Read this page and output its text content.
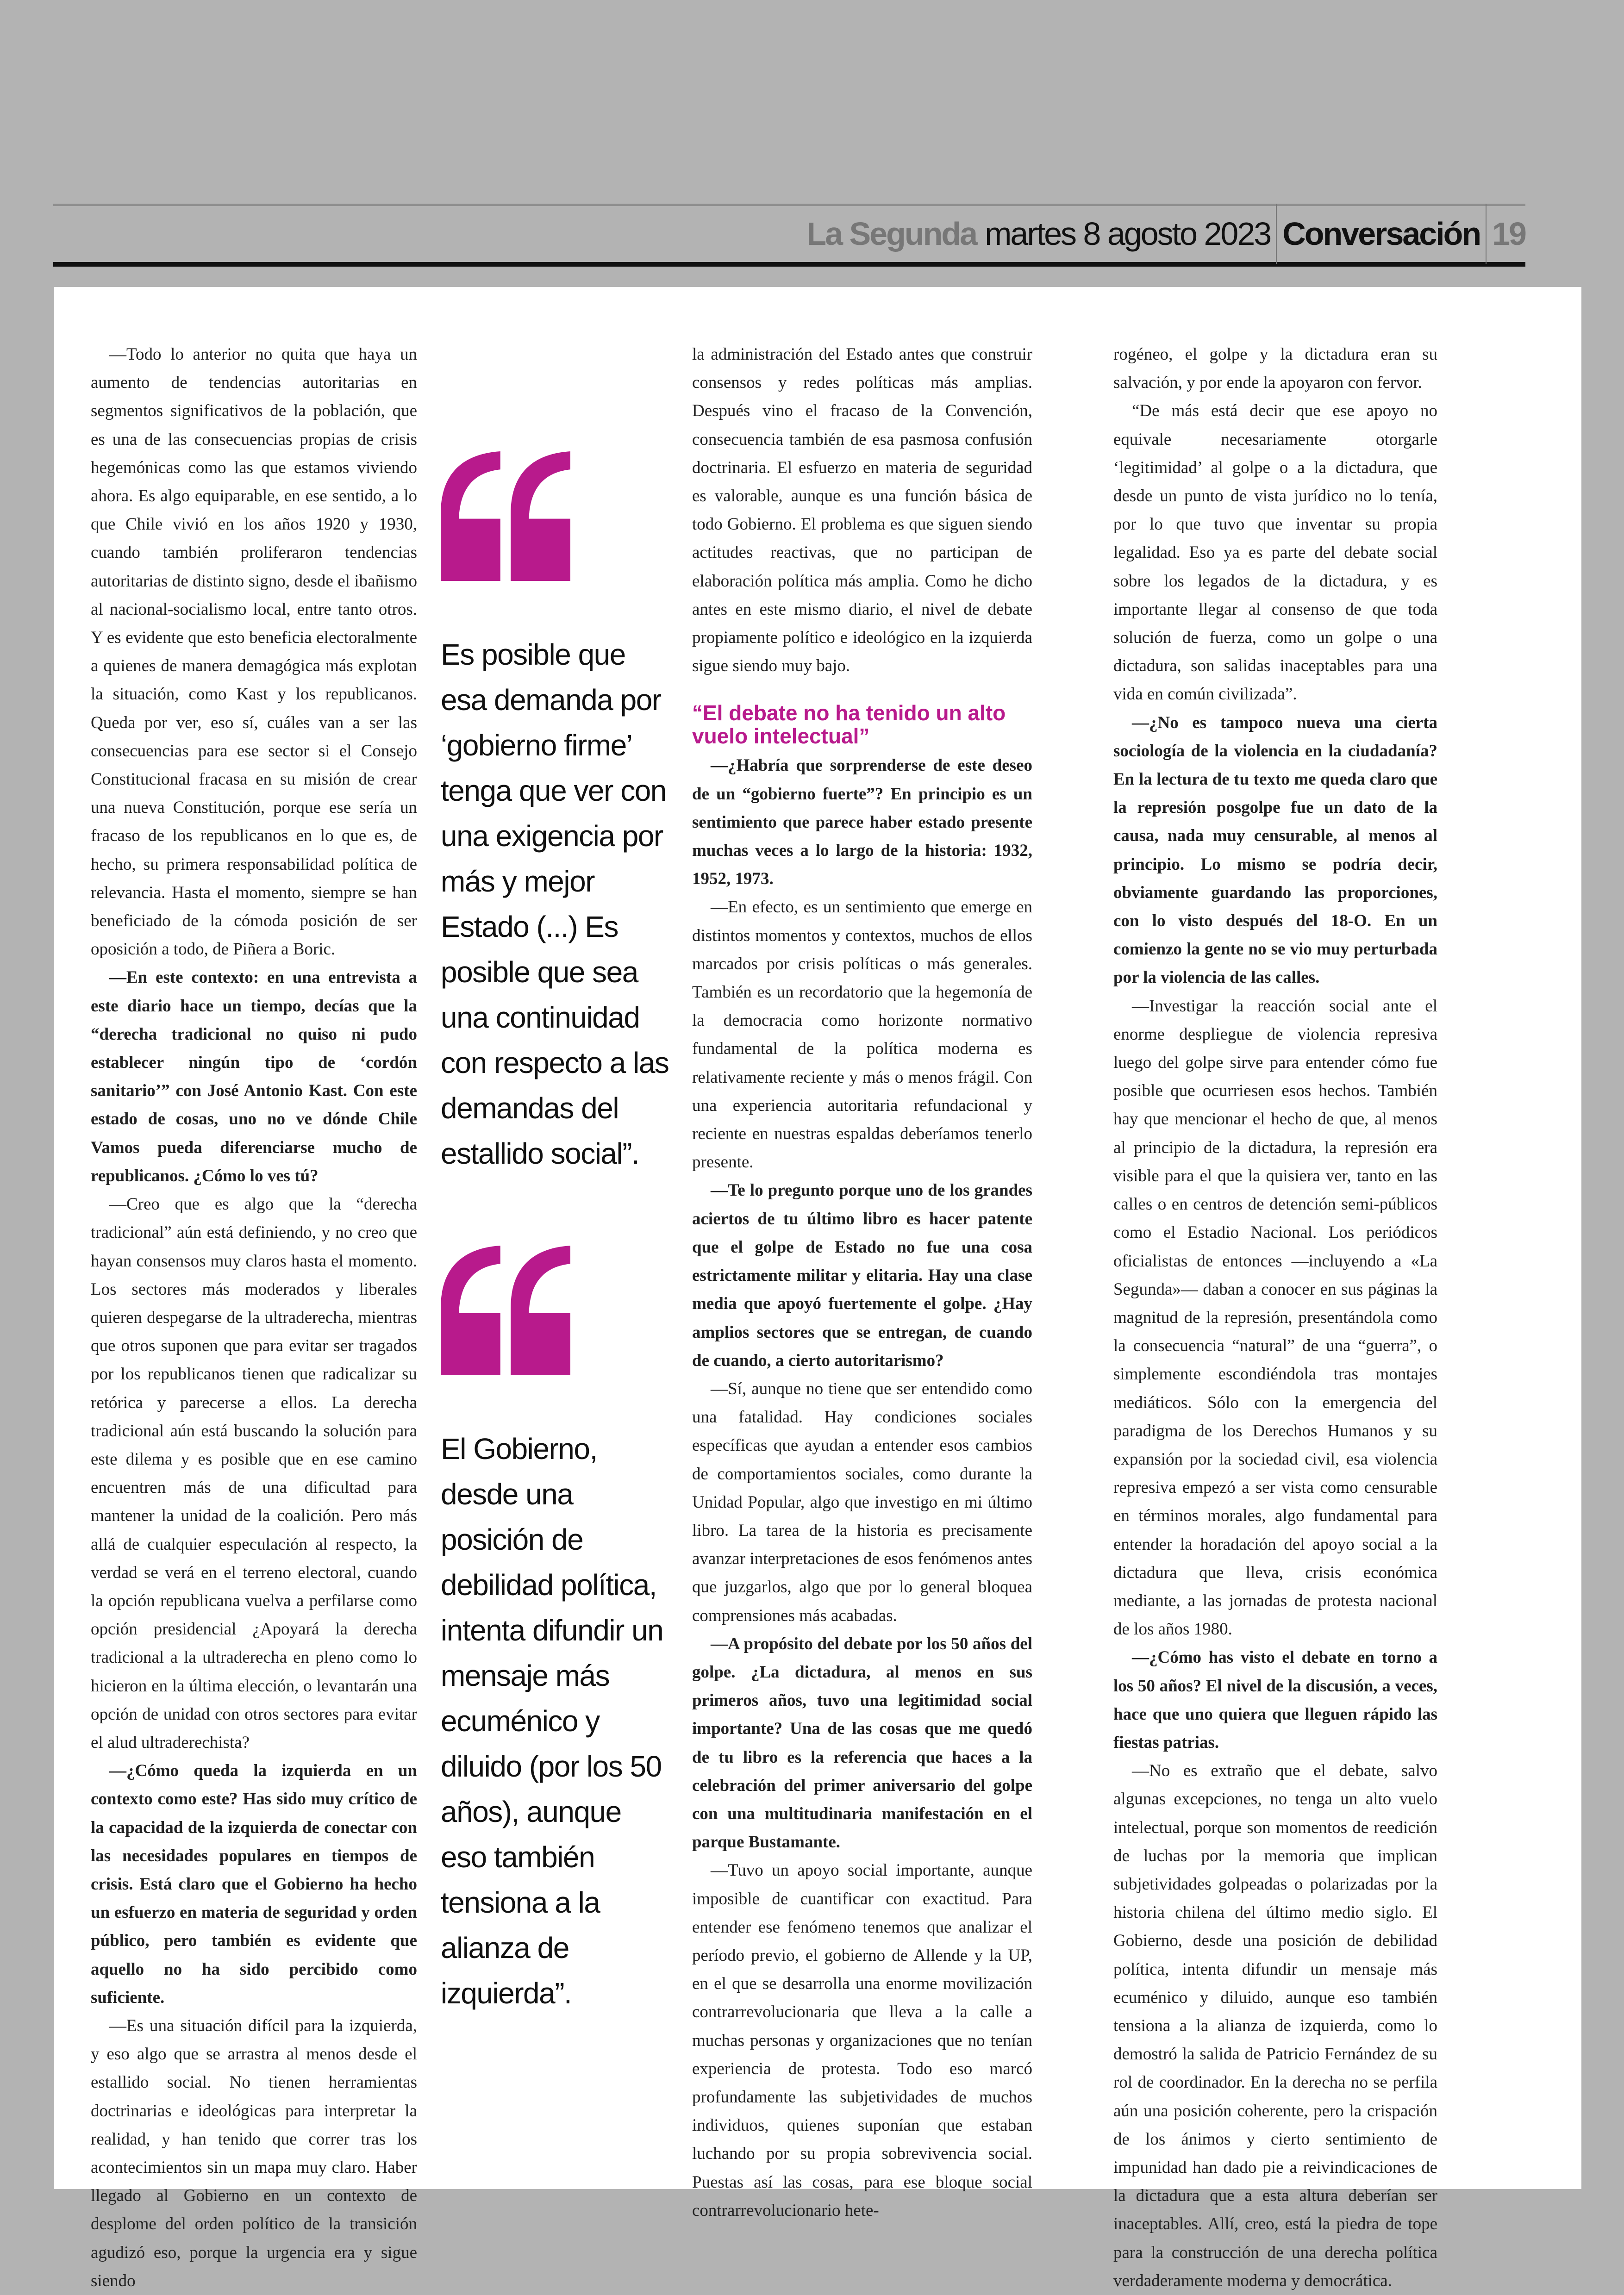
La Segunda martes 8 agosto 2023 Conversación 19

—Todo lo anterior no quita que haya un aumento de tendencias autoritarias en segmentos significativos de la población, que es una de las consecuencias propias de crisis hegemónicas como las que estamos viviendo ahora. Es algo equiparable, en ese sentido, a lo que Chile vivió en los años 1920 y 1930, cuando también proliferaron tendencias autoritarias de distinto signo, desde el ibañismo al nacional-socialismo local, entre tanto otros. Y es evidente que esto beneficia electoralmente a quienes de manera demagógica más explotan la situación, como Kast y los republicanos. Queda por ver, eso sí, cuáles van a ser las consecuencias para ese sector si el Consejo Constitucional fracasa en su misión de crear una nueva Constitución, porque ese sería un fracaso de los republicanos en lo que es, de hecho, su primera responsabilidad política de relevancia. Hasta el momento, siempre se han beneficiado de la cómoda posición de ser oposición a todo, de Piñera a Boric.

—En este contexto: en una entrevista a este diario hace un tiempo, decías que la “derecha tradicional no quiso ni pudo establecer ningún tipo de ‘cordón sanitario’” con José Antonio Kast. Con este estado de cosas, uno no ve dónde Chile Vamos pueda diferenciarse mucho de republicanos. ¿Cómo lo ves tú?

—Creo que es algo que la “derecha tradicional” aún está definiendo, y no creo que hayan consensos muy claros hasta el momento. Los sectores más moderados y liberales quieren despegarse de la ultraderecha, mientras que otros suponen que para evitar ser tragados por los republicanos tienen que radicalizar su retórica y parecerse a ellos. La derecha tradicional aún está buscando la solución para este dilema y es posible que en ese camino encuentren más de una dificultad para mantener la unidad de la coalición. Pero más allá de cualquier especulación al respecto, la verdad se verá en el terreno electoral, cuando la opción republicana vuelva a perfilarse como opción presidencial ¿Apoyará la derecha tradicional a la ultraderecha en pleno como lo hicieron en la última elección, o levantarán una opción de unidad con otros sectores para evitar el alud ultraderechista?

—¿Cómo queda la izquierda en un contexto como este? Has sido muy crítico de la capacidad de la izquierda de conectar con las necesidades populares en tiempos de crisis. Está claro que el Gobierno ha hecho un esfuerzo en materia de seguridad y orden público, pero también es evidente que aquello no ha sido percibido como suficiente.

—Es una situación difícil para la izquierda, y eso algo que se arrastra al menos desde el estallido social. No tienen herramientas doctrinarias e ideológicas para interpretar la realidad, y han tenido que correr tras los acontecimientos sin un mapa muy claro. Haber llegado al Gobierno en un contexto de desplome del orden político de la transición agudizó eso, porque la urgencia era y sigue siendo

Es posible que esa demanda por ‘gobierno firme’ tenga que ver con una exigencia por más y mejor Estado (...) Es posible que sea una continuidad con respecto a las demandas del estallido social”.
El Gobierno, desde una posición de debilidad política, intenta difundir un mensaje más ecuménico y diluido (por los 50 años), aunque eso también tensiona a la alianza de izquierda”.

la administración del Estado antes que construir consensos y redes políticas más amplias. Después vino el fracaso de la Convención, consecuencia también de esa pasmosa confusión doctrinaria. El esfuerzo en materia de seguridad es valorable, aunque es una función básica de todo Gobierno. El problema es que siguen siendo actitudes reactivas, que no participan de elaboración política más amplia. Como he dicho antes en este mismo diario, el nivel de debate propiamente político e ideológico en la izquierda sigue siendo muy bajo.

“El debate no ha tenido un alto vuelo intelectual”

—¿Habría que sorprenderse de este deseo de un “gobierno fuerte”? En principio es un sentimiento que parece haber estado presente muchas veces a lo largo de la historia: 1932, 1952, 1973.

—En efecto, es un sentimiento que emerge en distintos momentos y contextos, muchos de ellos marcados por crisis políticas o más generales. También es un recordatorio que la hegemonía de la democracia como horizonte normativo fundamental de la política moderna es relativamente reciente y más o menos frágil. Con una experiencia autoritaria refundacional y reciente en nuestras espaldas deberíamos tenerlo presente.

—Te lo pregunto porque uno de los grandes aciertos de tu último libro es hacer patente que el golpe de Estado no fue una cosa estrictamente militar y elitaria. Hay una clase media que apoyó fuertemente el golpe. ¿Hay amplios sectores que se entregan, de cuando de cuando, a cierto autoritarismo?

—Sí, aunque no tiene que ser entendido como una fatalidad. Hay condiciones sociales específicas que ayudan a entender esos cambios de comportamientos sociales, como durante la Unidad Popular, algo que investigo en mi último libro. La tarea de la historia es precisamente avanzar interpretaciones de esos fenómenos antes que juzgarlos, algo que por lo general bloquea comprensiones más acabadas.

—A propósito del debate por los 50 años del golpe. ¿La dictadura, al menos en sus primeros años, tuvo una legitimidad social importante? Una de las cosas que me quedó de tu libro es la referencia que haces a la celebración del primer aniversario del golpe con una multitudinaria manifestación en el parque Bustamante.

—Tuvo un apoyo social importante, aunque imposible de cuantificar con exactitud. Para entender ese fenómeno tenemos que analizar el período previo, el gobierno de Allende y la UP, en el que se desarrolla una enorme movilización contrarrevolucionaria que lleva a la calle a muchas personas y organizaciones que no tenían experiencia de protesta. Todo eso marcó profundamente las subjetividades de muchos individuos, quienes suponían que estaban luchando por su propia sobrevivencia social. Puestas así las cosas, para ese bloque social contrarrevolucionario hete-

rogéneo, el golpe y la dictadura eran su salvación, y por ende la apoyaron con fervor.

“De más está decir que ese apoyo no equivale necesariamente otorgarle ‘legitimidad’ al golpe o a la dictadura, que desde un punto de vista jurídico no lo tenía, por lo que tuvo que inventar su propia legalidad. Eso ya es parte del debate social sobre los legados de la dictadura, y es importante llegar al consenso de que toda solución de fuerza, como un golpe o una dictadura, son salidas inaceptables para una vida en común civilizada”.

—¿No es tampoco nueva una cierta sociología de la violencia en la ciudadanía? En la lectura de tu texto me queda claro que la represión posgolpe fue un dato de la causa, nada muy censurable, al menos al principio. Lo mismo se podría decir, obviamente guardando las proporciones, con lo visto después del 18-O. En un comienzo la gente no se vio muy perturbada por la violencia de las calles.

—Investigar la reacción social ante el enorme despliegue de violencia represiva luego del golpe sirve para entender cómo fue posible que ocurriesen esos hechos. También hay que mencionar el hecho de que, al menos al principio de la dictadura, la represión era visible para el que la quisiera ver, tanto en las calles o en centros de detención semi-públicos como el Estadio Nacional. Los periódicos oficialistas de entonces —incluyendo a «La Segunda»— daban a conocer en sus páginas la magnitud de la represión, presentándola como la consecuencia “natural” de una “guerra”, o simplemente escondiéndola tras montajes mediáticos. Sólo con la emergencia del paradigma de los Derechos Humanos y su expansión por la sociedad civil, esa violencia represiva empezó a ser vista como censurable en términos morales, algo fundamental para entender la horadación del apoyo social a la dictadura que lleva, crisis económica mediante, a las jornadas de protesta nacional de los años 1980.

—¿Cómo has visto el debate en torno a los 50 años? El nivel de la discusión, a veces, hace que uno quiera que lleguen rápido las fiestas patrias.

—No es extraño que el debate, salvo algunas excepciones, no tenga un alto vuelo intelectual, porque son momentos de reedición de luchas por la memoria que implican subjetividades golpeadas o polarizadas por la historia chilena del último medio siglo. El Gobierno, desde una posición de debilidad política, intenta difundir un mensaje más ecuménico y diluido, aunque eso también tensiona a la alianza de izquierda, como lo demostró la salida de Patricio Fernández de su rol de coordinador. En la derecha no se perfila aún una posición coherente, pero la crispación de los ánimos y cierto sentimiento de impunidad han dado pie a reivindicaciones de la dictadura que a esta altura deberían ser inaceptables. Allí, creo, está la piedra de tope para la construcción de una derecha política verdaderamente moderna y democrática.
